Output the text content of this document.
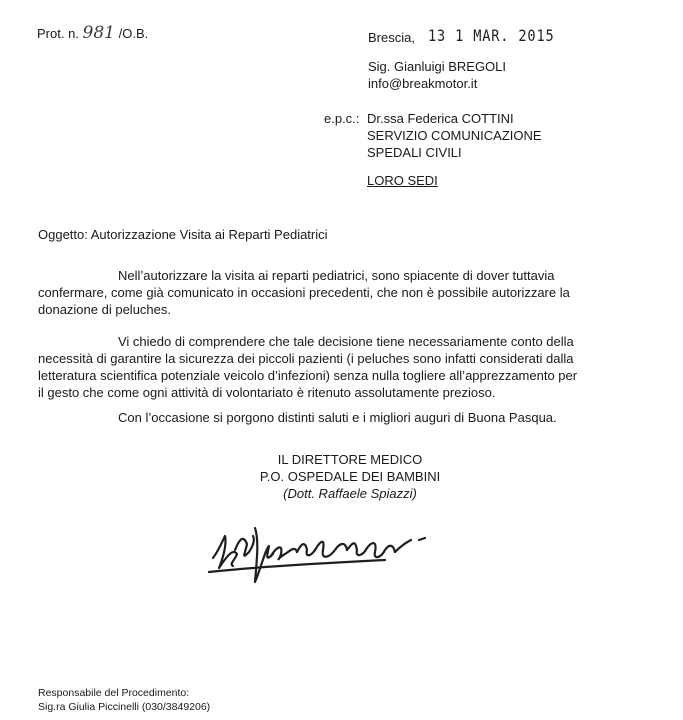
Prot. n. 981 /O.B.	Brescia, 13 1 MAR. 2015
Sig. Gianluigi BREGOLI
info@breakmotor.it
e.p.c.: Dr.ssa Federica COTTINI
SERVIZIO COMUNICAZIONE
SPEDALI CIVILI
LORO SEDI
Oggetto: Autorizzazione Visita ai Reparti Pediatrici
Nell’autorizzare la visita ai reparti pediatrici, sono spiacente di dover tuttavia
confermare, come già comunicato in occasioni precedenti, che non è possibile autorizzare la
donazione di peluches.
Vi chiedo di comprendere che tale decisione tiene necessariamente conto della
necessità di garantire la sicurezza dei piccoli pazienti (i peluches sono infatti considerati dalla
letteratura scientifica potenziale veicolo d’infezioni) senza nulla togliere all’apprezzamento per
il gesto che come ogni attività di volontariato è ritenuto assolutamente prezioso.
Con l’occasione si porgono distinti saluti e i migliori auguri di Buona Pasqua.
IL DIRETTORE MEDICO
P.O. OSPEDALE DEI BAMBINI
(Dott. Raffaele Spiazzi)
Responsabile del Procedimento:
Sig.ra Giulia Piccinelli (030/3849206)
